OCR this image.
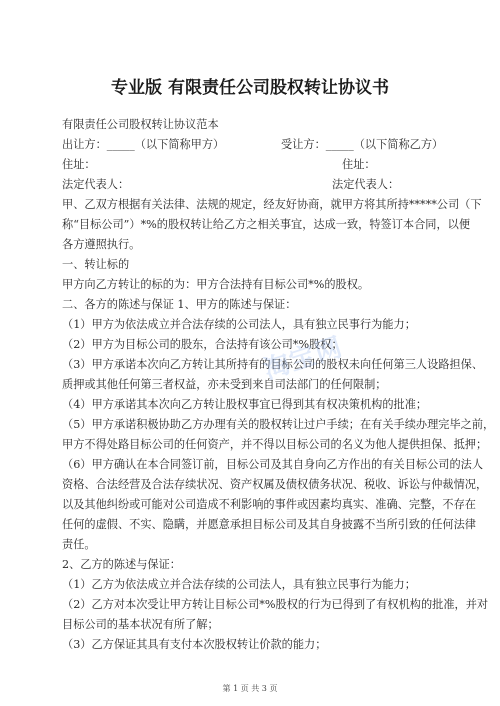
专业版 有限责任公司股权转让协议书
有限责任公司股权转让协议范本
出让方：_____（以下简称甲方）	受让方：_____（以下简称乙方）
住址：	住址：
法定代表人：	法定代表人：
甲、乙双方根据有关法律、法规的规定，经友好协商，就甲方将其所持*****公司（下
称“目标公司”）*%的股权转让给乙方之相关事宜，达成一致，特签订本合同，以便
各方遵照执行。
一、转让标的
甲方向乙方转让的标的为：甲方合法持有目标公司*%的股权。
二、各方的陈述与保证 1、甲方的陈述与保证：
（1）甲方为依法成立并合法存续的公司法人，具有独立民事行为能力；
（2）甲方为目标公司的股东，合法持有该公司*%股权；
（3）甲方承诺本次向乙方转让其所持有的目标公司的股权未向任何第三人设路担保、
质押或其他任何第三者权益，亦未受到来自司法部门的任何限制；
（4）甲方承诺其本次向乙方转让股权事宜已得到其有权决策机构的批准；
（5）甲方承诺积极协助乙方办理有关的股权转让过户手续；在有关手续办理完毕之前，
甲方不得处路目标公司的任何资产，并不得以目标公司的名义为他人提供担保、抵押；
（6）甲方确认在本合同签订前，目标公司及其自身向乙方作出的有关目标公司的法人
资格、合法经营及合法存续状况、资产权属及债权债务状况、税收、诉讼与仲裁情况，
以及其他纠纷或可能对公司造成不利影响的事件或因素均真实、准确、完整，不存在
任何的虚假、不实、隐瞒，并愿意承担目标公司及其自身披露不当所引致的任何法律
责任。
2、乙方的陈述与保证：
（1）乙方为依法成立并合法存续的公司法人，具有独立民事行为能力；
（2）乙方对本次受让甲方转让目标公司*%股权的行为已得到了有权机构的批准，并对
目标公司的基本状况有所了解；
（3）乙方保证其具有支付本次股权转让价款的能力；
淘宝网
第 1 页 共 3 页
